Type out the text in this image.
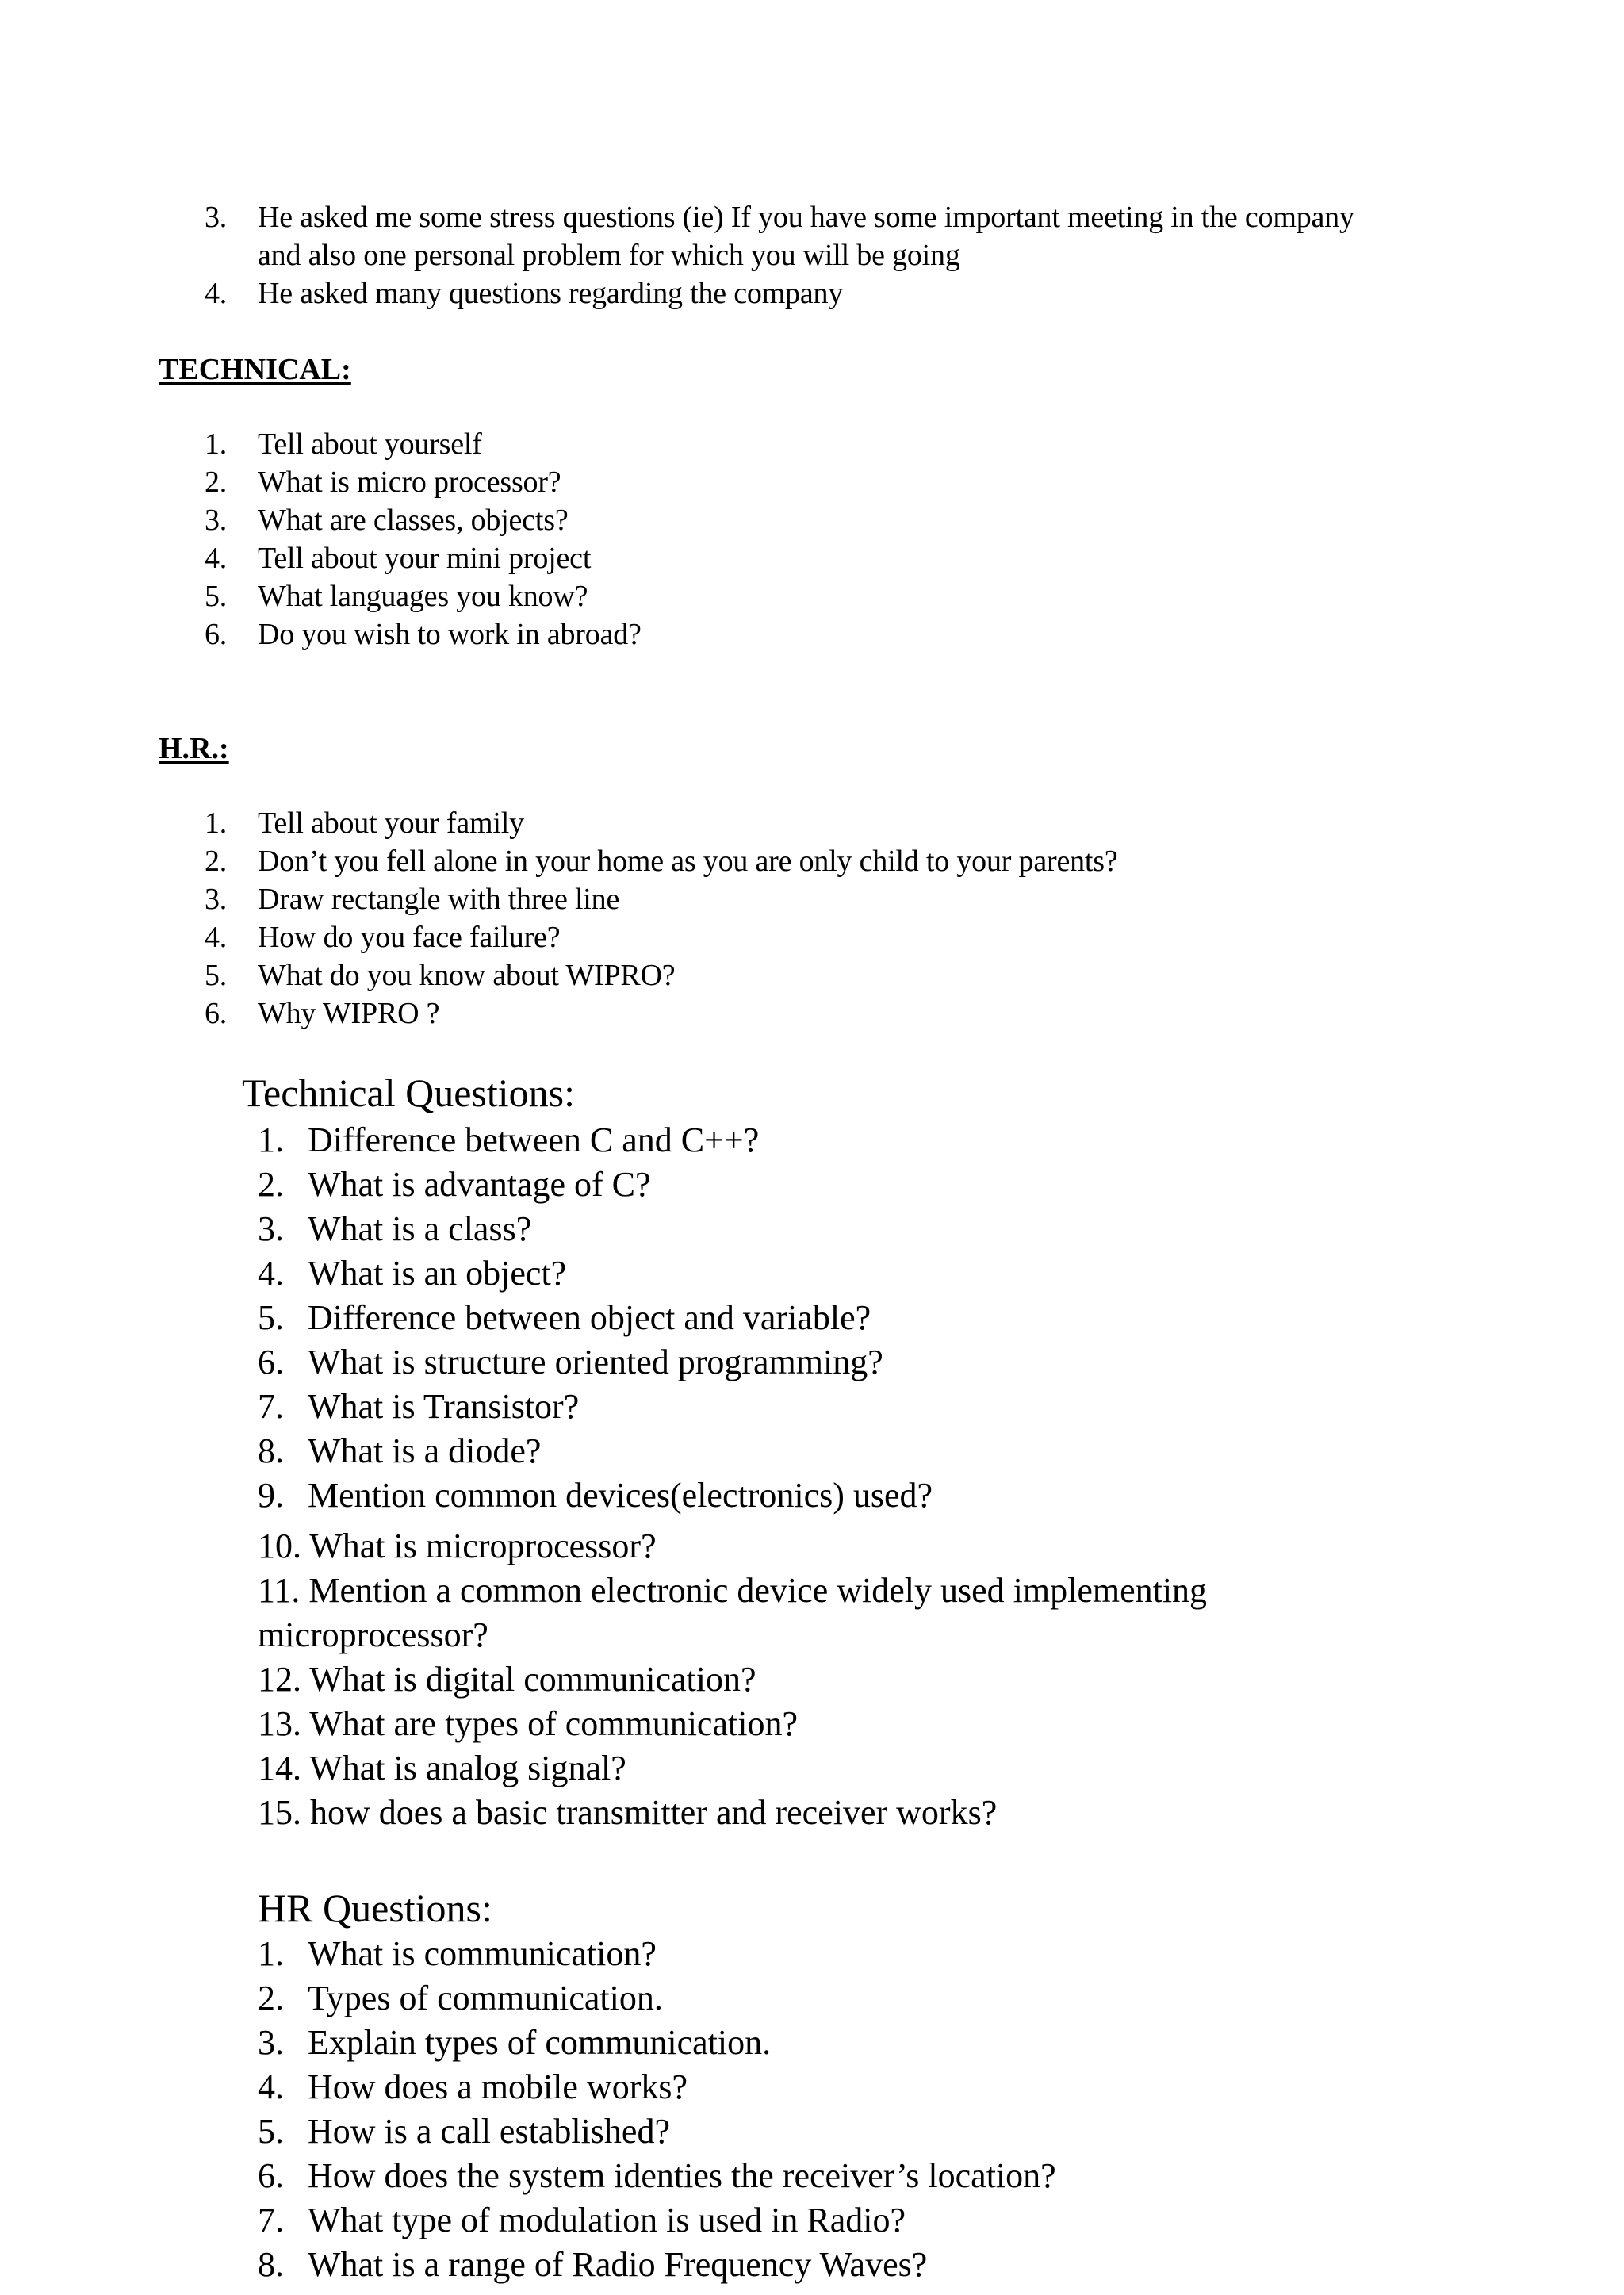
3.	He asked me some stress questions (ie) If you have some important meeting in the company
and also one personal problem for which you will be going
4.	He asked many questions regarding the company
TECHNICAL:
1.	Tell about yourself
2.	What is micro processor?
3.	What are classes, objects?
4.	Tell about your mini project
5.	What languages you know?
6.	Do you wish to work in abroad?
H.R.:
1.	Tell about your family
2.	Don’t you fell alone in your home as you are only child to your parents?
3.	Draw rectangle with three line
4.	How do you face failure?
5.	What do you know about WIPRO?
6.	Why WIPRO ?
Technical Questions:
1. Difference between C and C++?
2. What is advantage of C?
3. What is a class?
4. What is an object?
5. Difference between object and variable?
6. What is structure oriented programming?
7. What is Transistor?
8. What is a diode?
9. Mention common devices(electronics) used?
10. What is microprocessor?
11. Mention a common electronic device widely used implementing
microprocessor?
12. What is digital communication?
13. What are types of communication?
14. What is analog signal?
15. how does a basic transmitter and receiver works?
HR Questions:
1. What is communication?
2. Types of communication.
3. Explain types of communication.
4. How does a mobile works?
5. How is a call established?
6. How does the system identies the receiver’s location?
7. What type of modulation is used in Radio?
8. What is a range of Radio Frequency Waves?
